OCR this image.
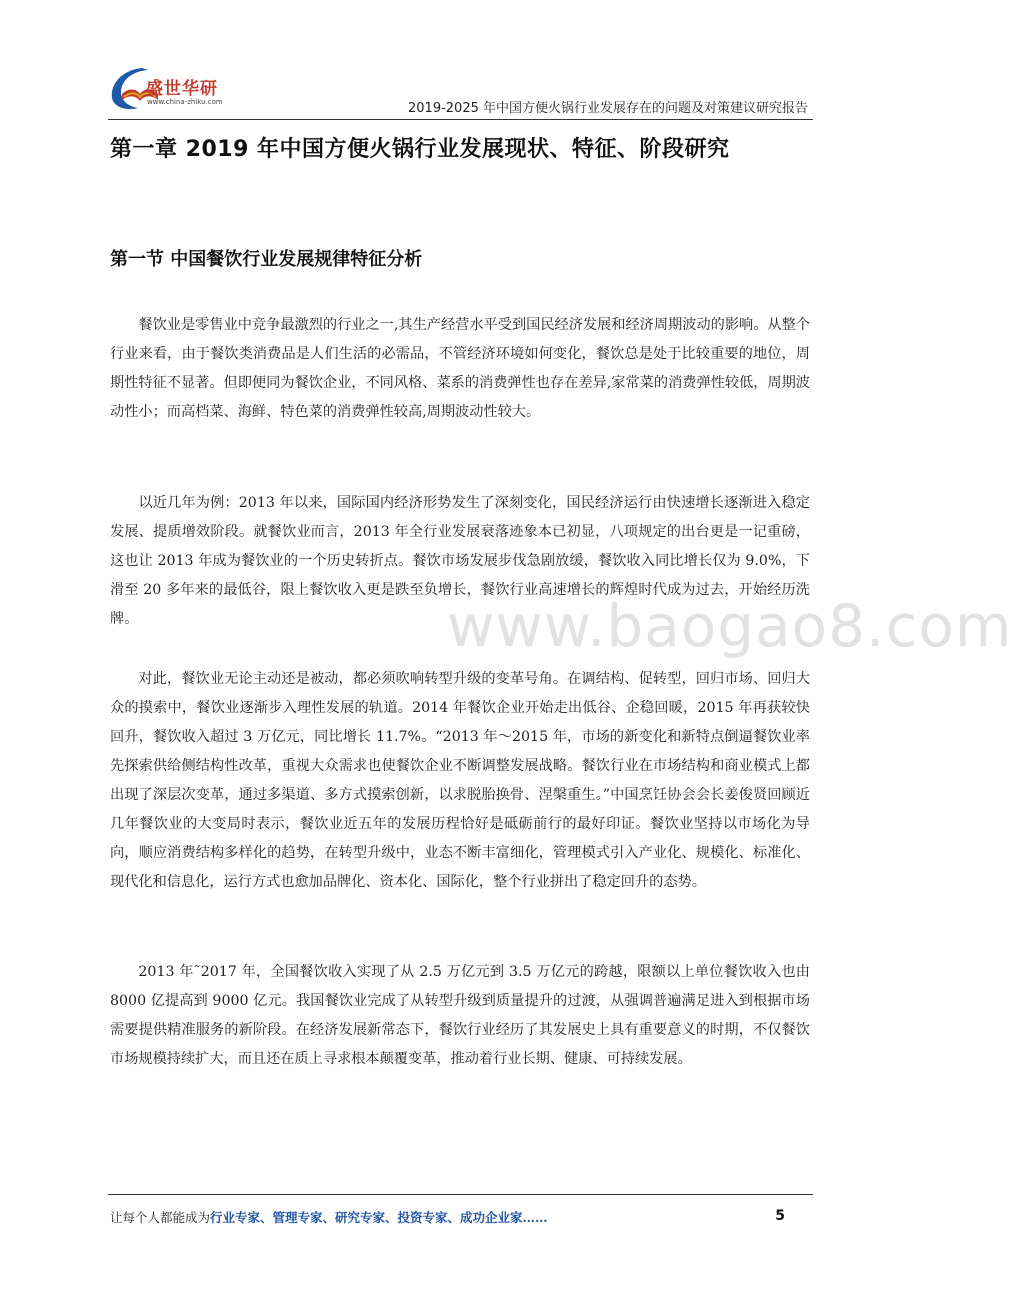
盛世华研
www.china-zhiku.com	2019-2025 年中国方便火锅行业发展存在的问题及对策建议研究报告
第一章 2019 年中国方便火锅行业发展现状、特征、阶段研究
第一节 中国餐饮行业发展规律特征分析

餐饮业是零售业中竞争最激烈的行业之一,其生产经营水平受到国民经济发展和经济周期波动的影响。从整个行业来看，由于餐饮类消费品是人们生活的必需品，不管经济环境如何变化，餐饮总是处于比较重要的地位，周期性特征不显著。但即便同为餐饮企业，不同风格、菜系的消费弹性也存在差异,家常菜的消费弹性较低，周期波动性小；而高档菜、海鲜、特色菜的消费弹性较高,周期波动性较大。

以近几年为例：2013 年以来，国际国内经济形势发生了深刻变化，国民经济运行由快速增长逐渐进入稳定发展、提质增效阶段。就餐饮业而言，2013 年全行业发展衰落迹象本已初显，八项规定的出台更是一记重磅，这也让 2013 年成为餐饮业的一个历史转折点。餐饮市场发展步伐急剧放缓，餐饮收入同比增长仅为 9.0%，下滑至 20 多年来的最低谷，限上餐饮收入更是跌至负增长，餐饮行业高速增长的辉煌时代成为过去，开始经历洗牌。

对此，餐饮业无论主动还是被动，都必须吹响转型升级的变革号角。在调结构、促转型，回归市场、回归大众的摸索中，餐饮业逐渐步入理性发展的轨道。2014 年餐饮企业开始走出低谷、企稳回暖，2015 年再获较快回升，餐饮收入超过 3 万亿元，同比增长 11.7%。“2013 年～2015 年，市场的新变化和新特点倒逼餐饮业率先探索供给侧结构性改革，重视大众需求也使餐饮企业不断调整发展战略。餐饮行业在市场结构和商业模式上都出现了深层次变革，通过多渠道、多方式摸索创新，以求脱胎换骨、涅槃重生。”中国烹饪协会会长姜俊贤回顾近几年餐饮业的大变局时表示，餐饮业近五年的发展历程恰好是砥砺前行的最好印证。餐饮业坚持以市场化为导向，顺应消费结构多样化的趋势，在转型升级中，业态不断丰富细化，管理模式引入产业化、规模化、标准化、现代化和信息化，运行方式也愈加品牌化、资本化、国际化，整个行业拼出了稳定回升的态势。

2013 年˜2017 年，全国餐饮收入实现了从 2.5 万亿元到 3.5 万亿元的跨越，限额以上单位餐饮收入也由 8000 亿提高到 9000 亿元。我国餐饮业完成了从转型升级到质量提升的过渡，从强调普遍满足进入到根据市场需要提供精准服务的新阶段。在经济发展新常态下，餐饮行业经历了其发展史上具有重要意义的时期，不仅餐饮市场规模持续扩大，而且还在质上寻求根本颠覆变革，推动着行业长期、健康、可持续发展。

www.baogao8.com
让每个人都能成为行业专家、管理专家、研究专家、投资专家、成功企业家……	5
